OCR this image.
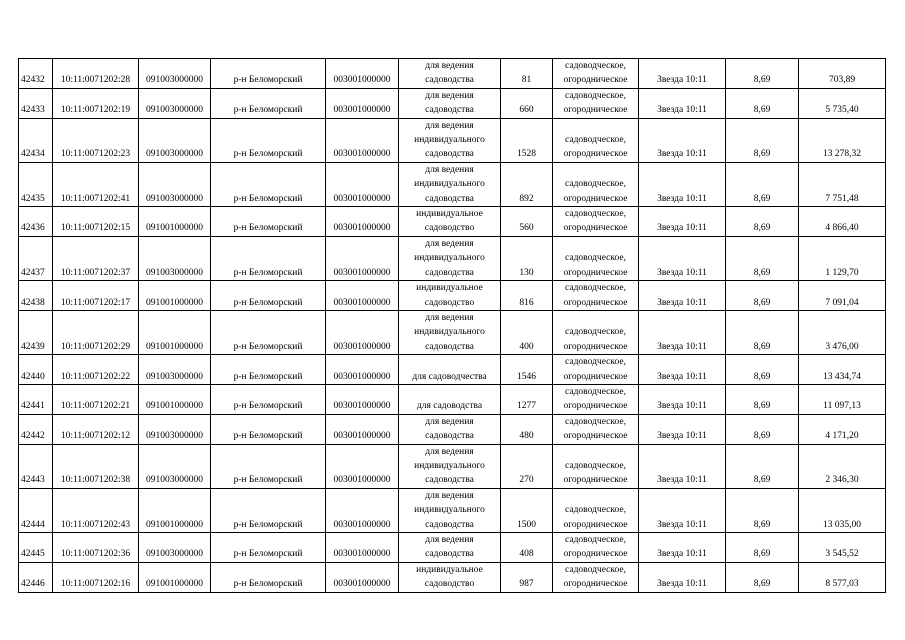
42432	10:11:0071202:28	091003000000	р-н Беломорский	003001000000	для ведения
садоводства	81	садоводческое,
огородническое	Звезда 10:11	8,69	703,89
42433	10:11:0071202:19	091003000000	р-н Беломорский	003001000000	для ведения
садоводства	660	садоводческое,
огородническое	Звезда 10:11	8,69	5 735,40
42434	10:11:0071202:23	091003000000	р-н Беломорский	003001000000	для ведения
индивидуального
садоводства	1528	садоводческое,
огородническое	Звезда 10:11	8,69	13 278,32
42435	10:11:0071202:41	091003000000	р-н Беломорский	003001000000	для ведения
индивидуального
садоводства	892	садоводческое,
огородническое	Звезда 10:11	8,69	7 751,48
42436	10:11:0071202:15	091001000000	р-н Беломорский	003001000000	индивидуальное
садоводство	560	садоводческое,
огородническое	Звезда 10:11	8,69	4 866,40
42437	10:11:0071202:37	091003000000	р-н Беломорский	003001000000	для ведения
индивидуального
садоводства	130	садоводческое,
огородническое	Звезда 10:11	8,69	1 129,70
42438	10:11:0071202:17	091001000000	р-н Беломорский	003001000000	индивидуальное
садоводство	816	садоводческое,
огородническое	Звезда 10:11	8,69	7 091,04
42439	10:11:0071202:29	091001000000	р-н Беломорский	003001000000	для ведения
индивидуального
садоводства	400	садоводческое,
огородническое	Звезда 10:11	8,69	3 476,00
42440	10:11:0071202:22	091003000000	р-н Беломорский	003001000000	для садоводчества	1546	садоводческое,
огородническое	Звезда 10:11	8,69	13 434,74
42441	10:11:0071202:21	091001000000	р-н Беломорский	003001000000	для садоводства	1277	садоводческое,
огородническое	Звезда 10:11	8,69	11 097,13
42442	10:11:0071202:12	091003000000	р-н Беломорский	003001000000	для ведения
садоводства	480	садоводческое,
огородническое	Звезда 10:11	8,69	4 171,20
42443	10:11:0071202:38	091003000000	р-н Беломорский	003001000000	для ведения
индивидуального
садоводства	270	садоводческое,
огородническое	Звезда 10:11	8,69	2 346,30
42444	10:11:0071202:43	091001000000	р-н Беломорский	003001000000	для ведения
индивидуального
садоводства	1500	садоводческое,
огородническое	Звезда 10:11	8,69	13 035,00
42445	10:11:0071202:36	091003000000	р-н Беломорский	003001000000	для ведения
садоводства	408	садоводческое,
огородническое	Звезда 10:11	8,69	3 545,52
42446	10:11:0071202:16	091001000000	р-н Беломорский	003001000000	индивидуальное
садоводство	987	садоводческое,
огородническое	Звезда 10:11	8,69	8 577,03
